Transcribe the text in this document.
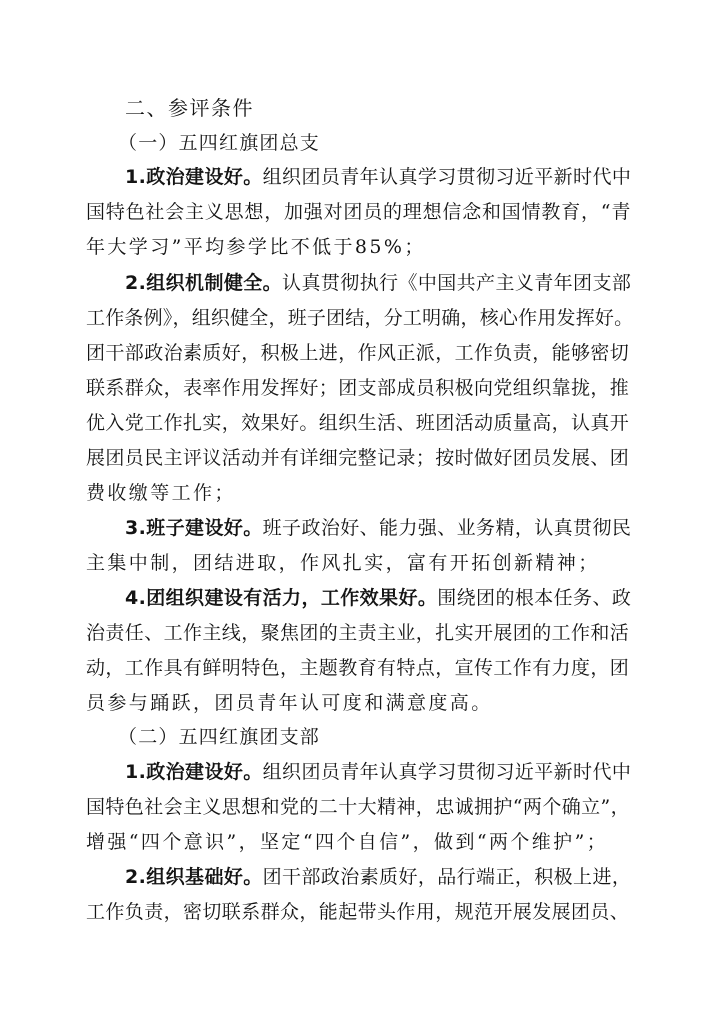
二、参评条件
（一）五四红旗团总支
1.政治建设好。组织团员青年认真学习贯彻习近平新时代中
国特色社会主义思想，加强对团员的理想信念和国情教育，“青
年大学习”平均参学比不低于85%；
2.组织机制健全。认真贯彻执行《中国共产主义青年团支部
工作条例》，组织健全，班子团结，分工明确，核心作用发挥好。
团干部政治素质好，积极上进，作风正派，工作负责，能够密切
联系群众，表率作用发挥好；团支部成员积极向党组织靠拢，推
优入党工作扎实，效果好。组织生活、班团活动质量高，认真开
展团员民主评议活动并有详细完整记录；按时做好团员发展、团
费收缴等工作；
3.班子建设好。班子政治好、能力强、业务精，认真贯彻民
主集中制，团结进取，作风扎实，富有开拓创新精神；
4.团组织建设有活力，工作效果好。围绕团的根本任务、政
治责任、工作主线，聚焦团的主责主业，扎实开展团的工作和活
动，工作具有鲜明特色，主题教育有特点，宣传工作有力度，团
员参与踊跃，团员青年认可度和满意度高。
（二）五四红旗团支部
1.政治建设好。组织团员青年认真学习贯彻习近平新时代中
国特色社会主义思想和党的二十大精神，忠诚拥护“两个确立”，
增强“四个意识”，坚定“四个自信”，做到“两个维护”；
2.组织基础好。团干部政治素质好，品行端正，积极上进，
工作负责，密切联系群众，能起带头作用，规范开展发展团员、
